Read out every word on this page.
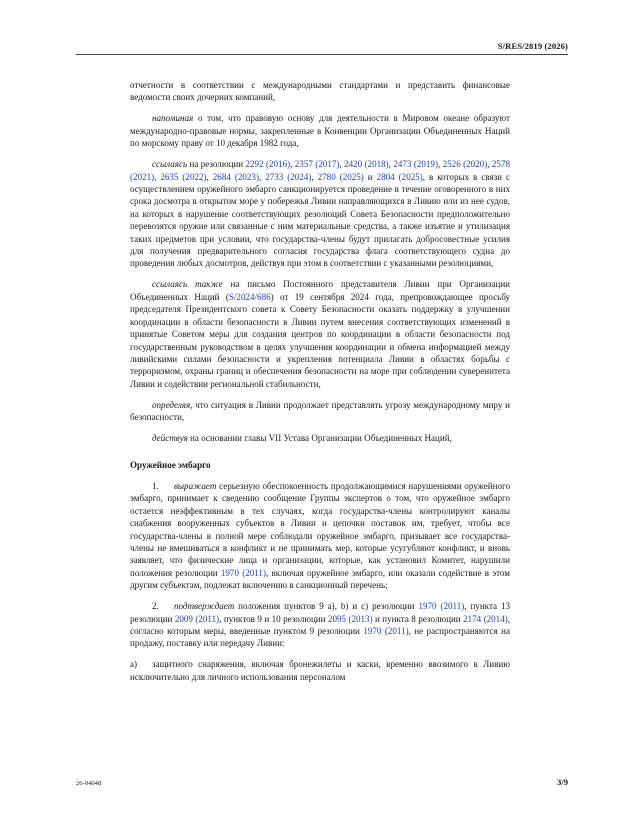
S/RES/2819 (2026)

отчетности в соответствии с международными стандартами и представить финансовые ведомости своих дочерних компаний,

напоминая о том, что правовую основу для деятельности в Мировом океане образуют международно-правовые нормы, закрепленные в Конвенции Организации Объединенных Наций по морскому праву от 10 декабря 1982 года,

ссылаясь на резолюции 2292 (2016), 2357 (2017), 2420 (2018), 2473 (2019), 2526 (2020), 2578 (2021), 2635 (2022), 2684 (2023), 2733 (2024), 2780 (2025) и 2804 (2025), в которых в связи с осуществлением оружейного эмбарго санкционируется проведение в течение оговоренного в них срока досмотра в открытом море у побережья Ливии направляющихся в Ливию или из нее судов, на которых в нарушение соответствующих резолюций Совета Безопасности предположительно перевозятся оружие или связанные с ним материальные средства, а также изъятие и утилизация таких предметов при условии, что государства-члены будут прилагать добросовестные усилия для получения предварительного согласия государства флага соответствующего судна до проведения любых досмотров, действуя при этом в соответствии с указанными резолюциями,

ссылаясь также на письмо Постоянного представителя Ливии при Организации Объединенных Наций (S/2024/686) от 19 сентября 2024 года, препровождающее просьбу председателя Президентского совета к Совету Безопасности оказать поддержку в улучшении координации в области безопасности в Ливии путем внесения соответствующих изменений в принятые Советом меры для создания центров по координации в области безопасности под государственным руководством в целях улучшения координации и обмена информацией между ливийскими силами безопасности и укрепления потенциала Ливии в областях борьбы с терроризмом, охраны границ и обеспечения безопасности на море при соблюдении суверенитета Ливии и содействии региональной стабильности,

определяя, что ситуация в Ливии продолжает представлять угрозу международному миру и безопасности,

действуя на основании главы VII Устава Организации Объединенных Наций,

Оружейное эмбарго

1. выражает серьезную обеспокоенность продолжающимися нарушениями оружейного эмбарго, принимает к сведению сообщение Группы экспертов о том, что оружейное эмбарго остается неэффективным в тех случаях, когда государства-члены контролируют каналы снабжения вооруженных субъектов в Ливии и цепочки поставок им, требует, чтобы все государства-члены в полной мере соблюдали оружейное эмбарго, призывает все государства-члены не вмешиваться в конфликт и не принимать мер, которые усугубляют конфликт, и вновь заявляет, что физические лица и организации, которые, как установил Комитет, нарушили положения резолюции 1970 (2011), включая оружейное эмбарго, или оказали содействие в этом другим субъектам, подлежат включению в санкционный перечень;

2. подтверждает положения пунктов 9 a), b) и c) резолюции 1970 (2011), пункта 13 резолюции 2009 (2011), пунктов 9 и 10 резолюции 2095 (2013) и пункта 8 резолюции 2174 (2014), согласно которым меры, введенные пунктом 9 резолюции 1970 (2011), не распространяются на продажу, поставку или передачу Ливии:

a) защитного снаряжения, включая бронежилеты и каски, временно ввозимого в Ливию исключительно для личного использования персоналом

26-04048	3/9
